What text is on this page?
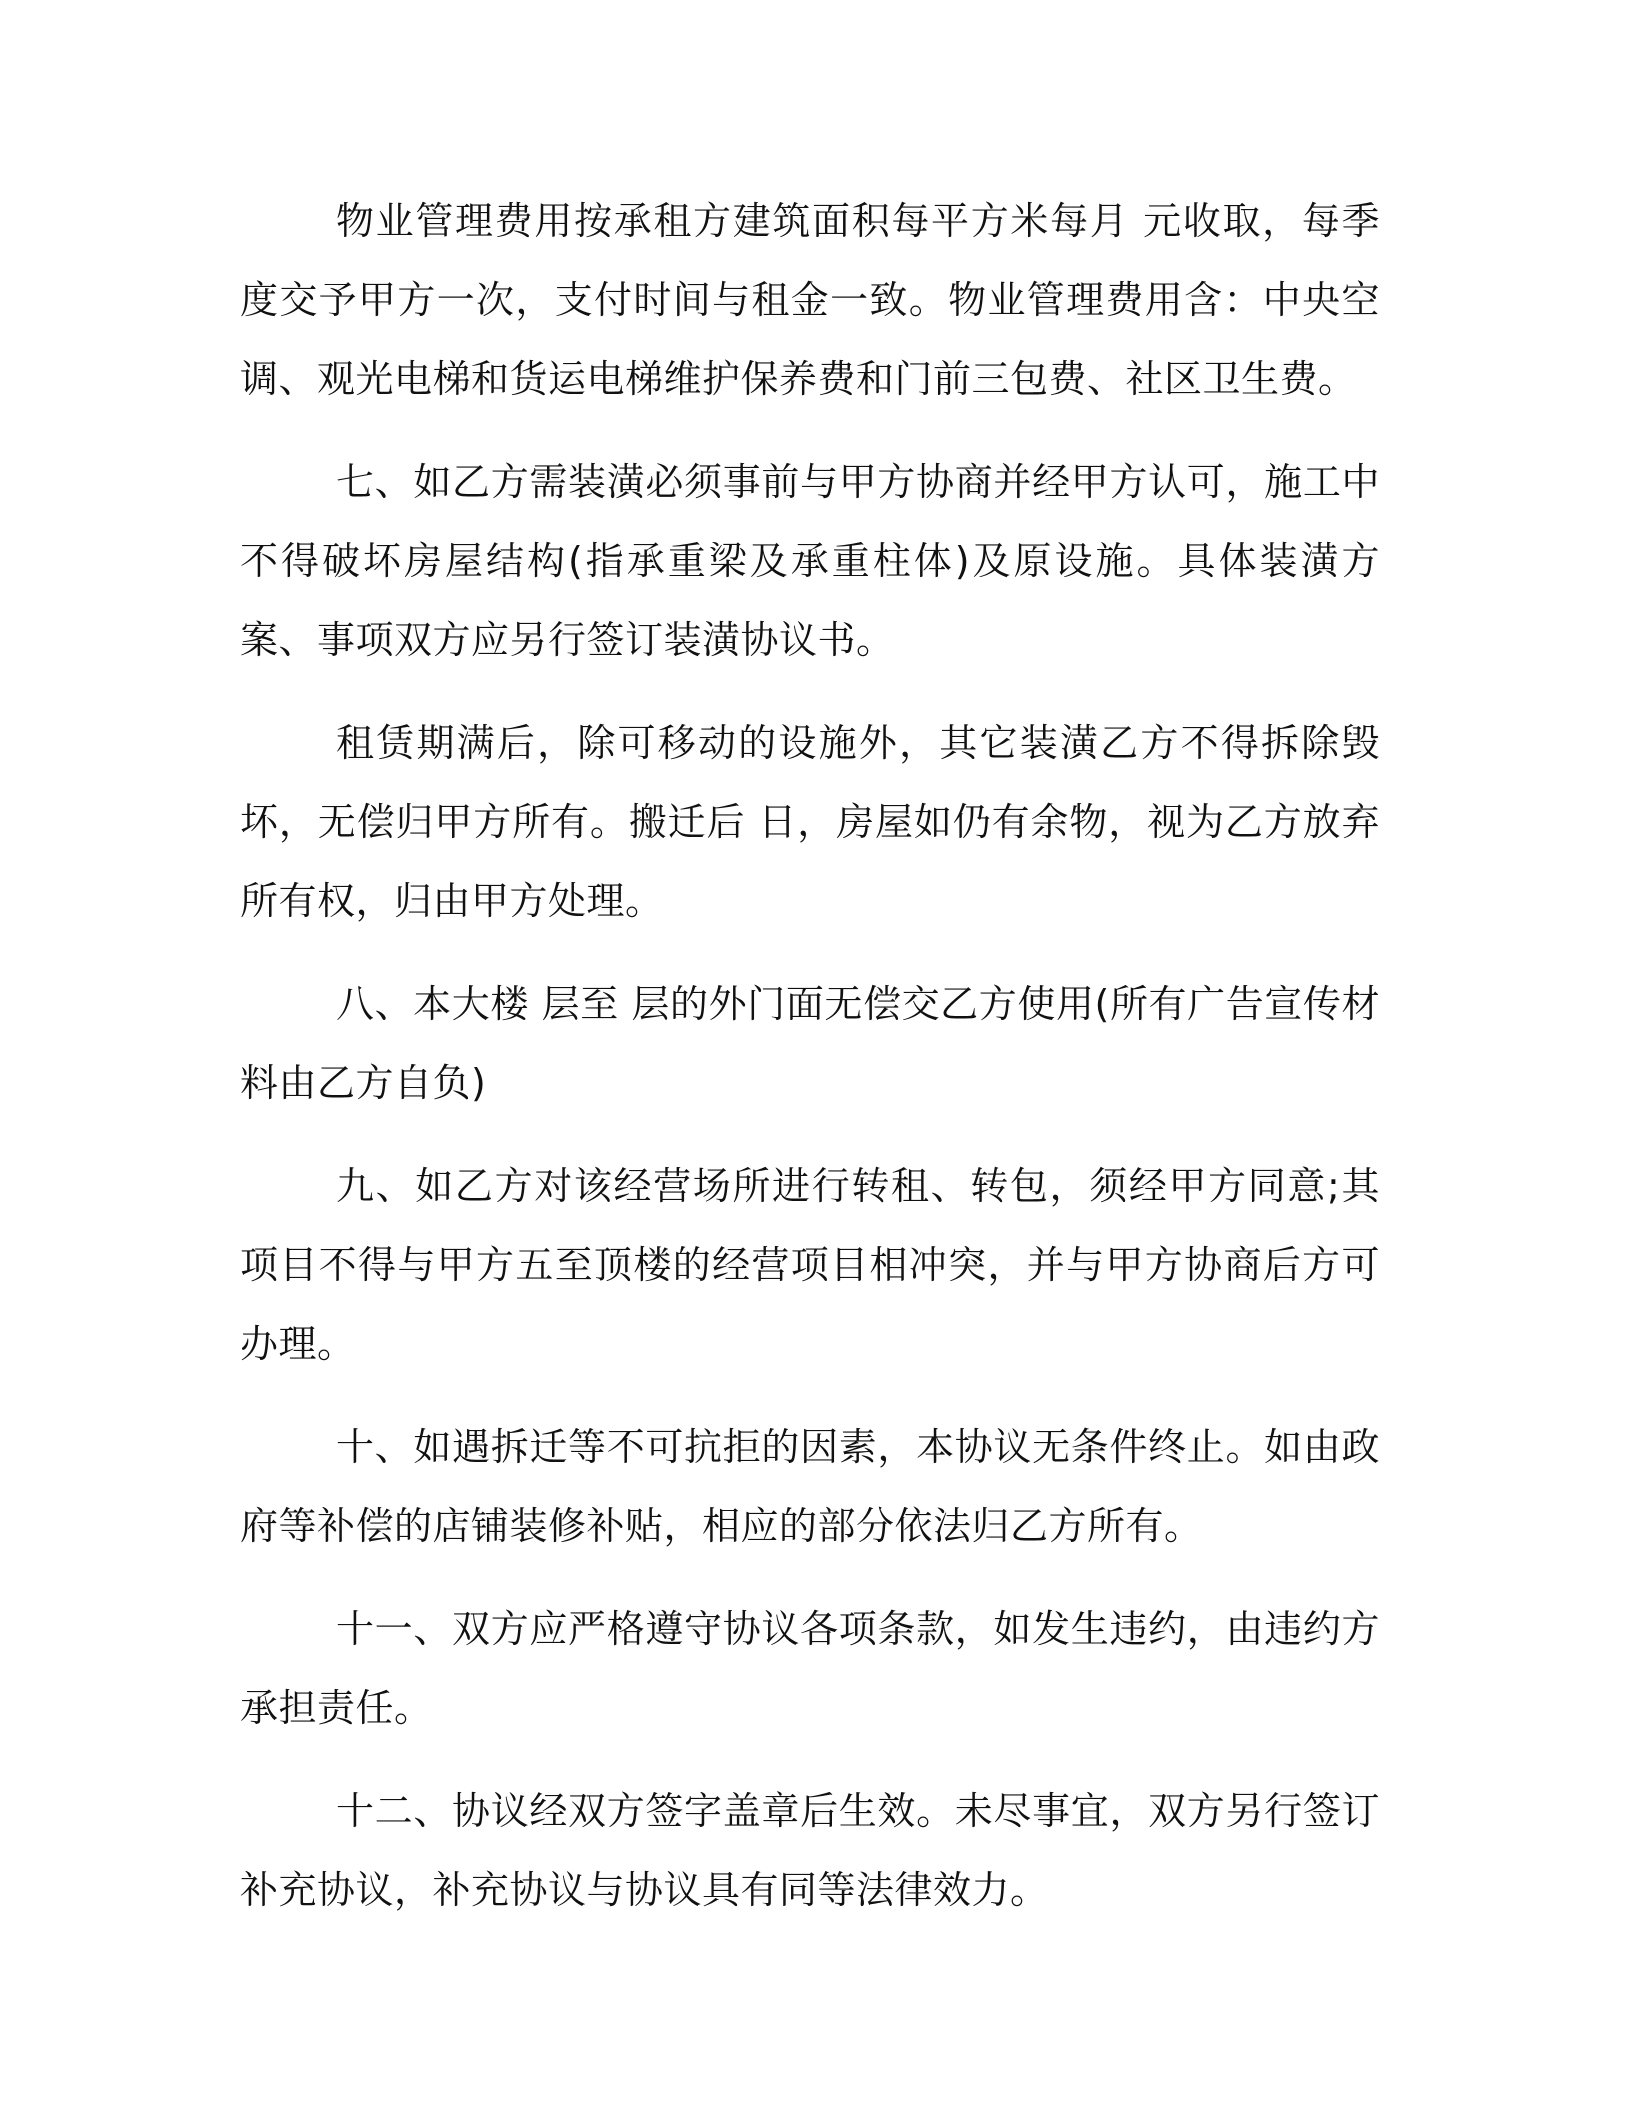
物业管理费用按承租方建筑面积每平方米每月 元收取，每季度交予甲方一次，支付时间与租金一致。物业管理费用含：中央空调、观光电梯和货运电梯维护保养费和门前三包费、社区卫生费。

七、如乙方需装潢必须事前与甲方协商并经甲方认可，施工中不得破坏房屋结构(指承重梁及承重柱体)及原设施。具体装潢方案、事项双方应另行签订装潢协议书。

租赁期满后，除可移动的设施外，其它装潢乙方不得拆除毁坏，无偿归甲方所有。搬迁后 日，房屋如仍有余物，视为乙方放弃所有权，归由甲方处理。

八、本大楼 层至 层的外门面无偿交乙方使用(所有广告宣传材料由乙方自负)

九、如乙方对该经营场所进行转租、转包，须经甲方同意;其项目不得与甲方五至顶楼的经营项目相冲突，并与甲方协商后方可办理。

十、如遇拆迁等不可抗拒的因素，本协议无条件终止。如由政府等补偿的店铺装修补贴，相应的部分依法归乙方所有。

十一、双方应严格遵守协议各项条款，如发生违约，由违约方承担责任。

十二、协议经双方签字盖章后生效。未尽事宜，双方另行签订补充协议，补充协议与协议具有同等法律效力。
